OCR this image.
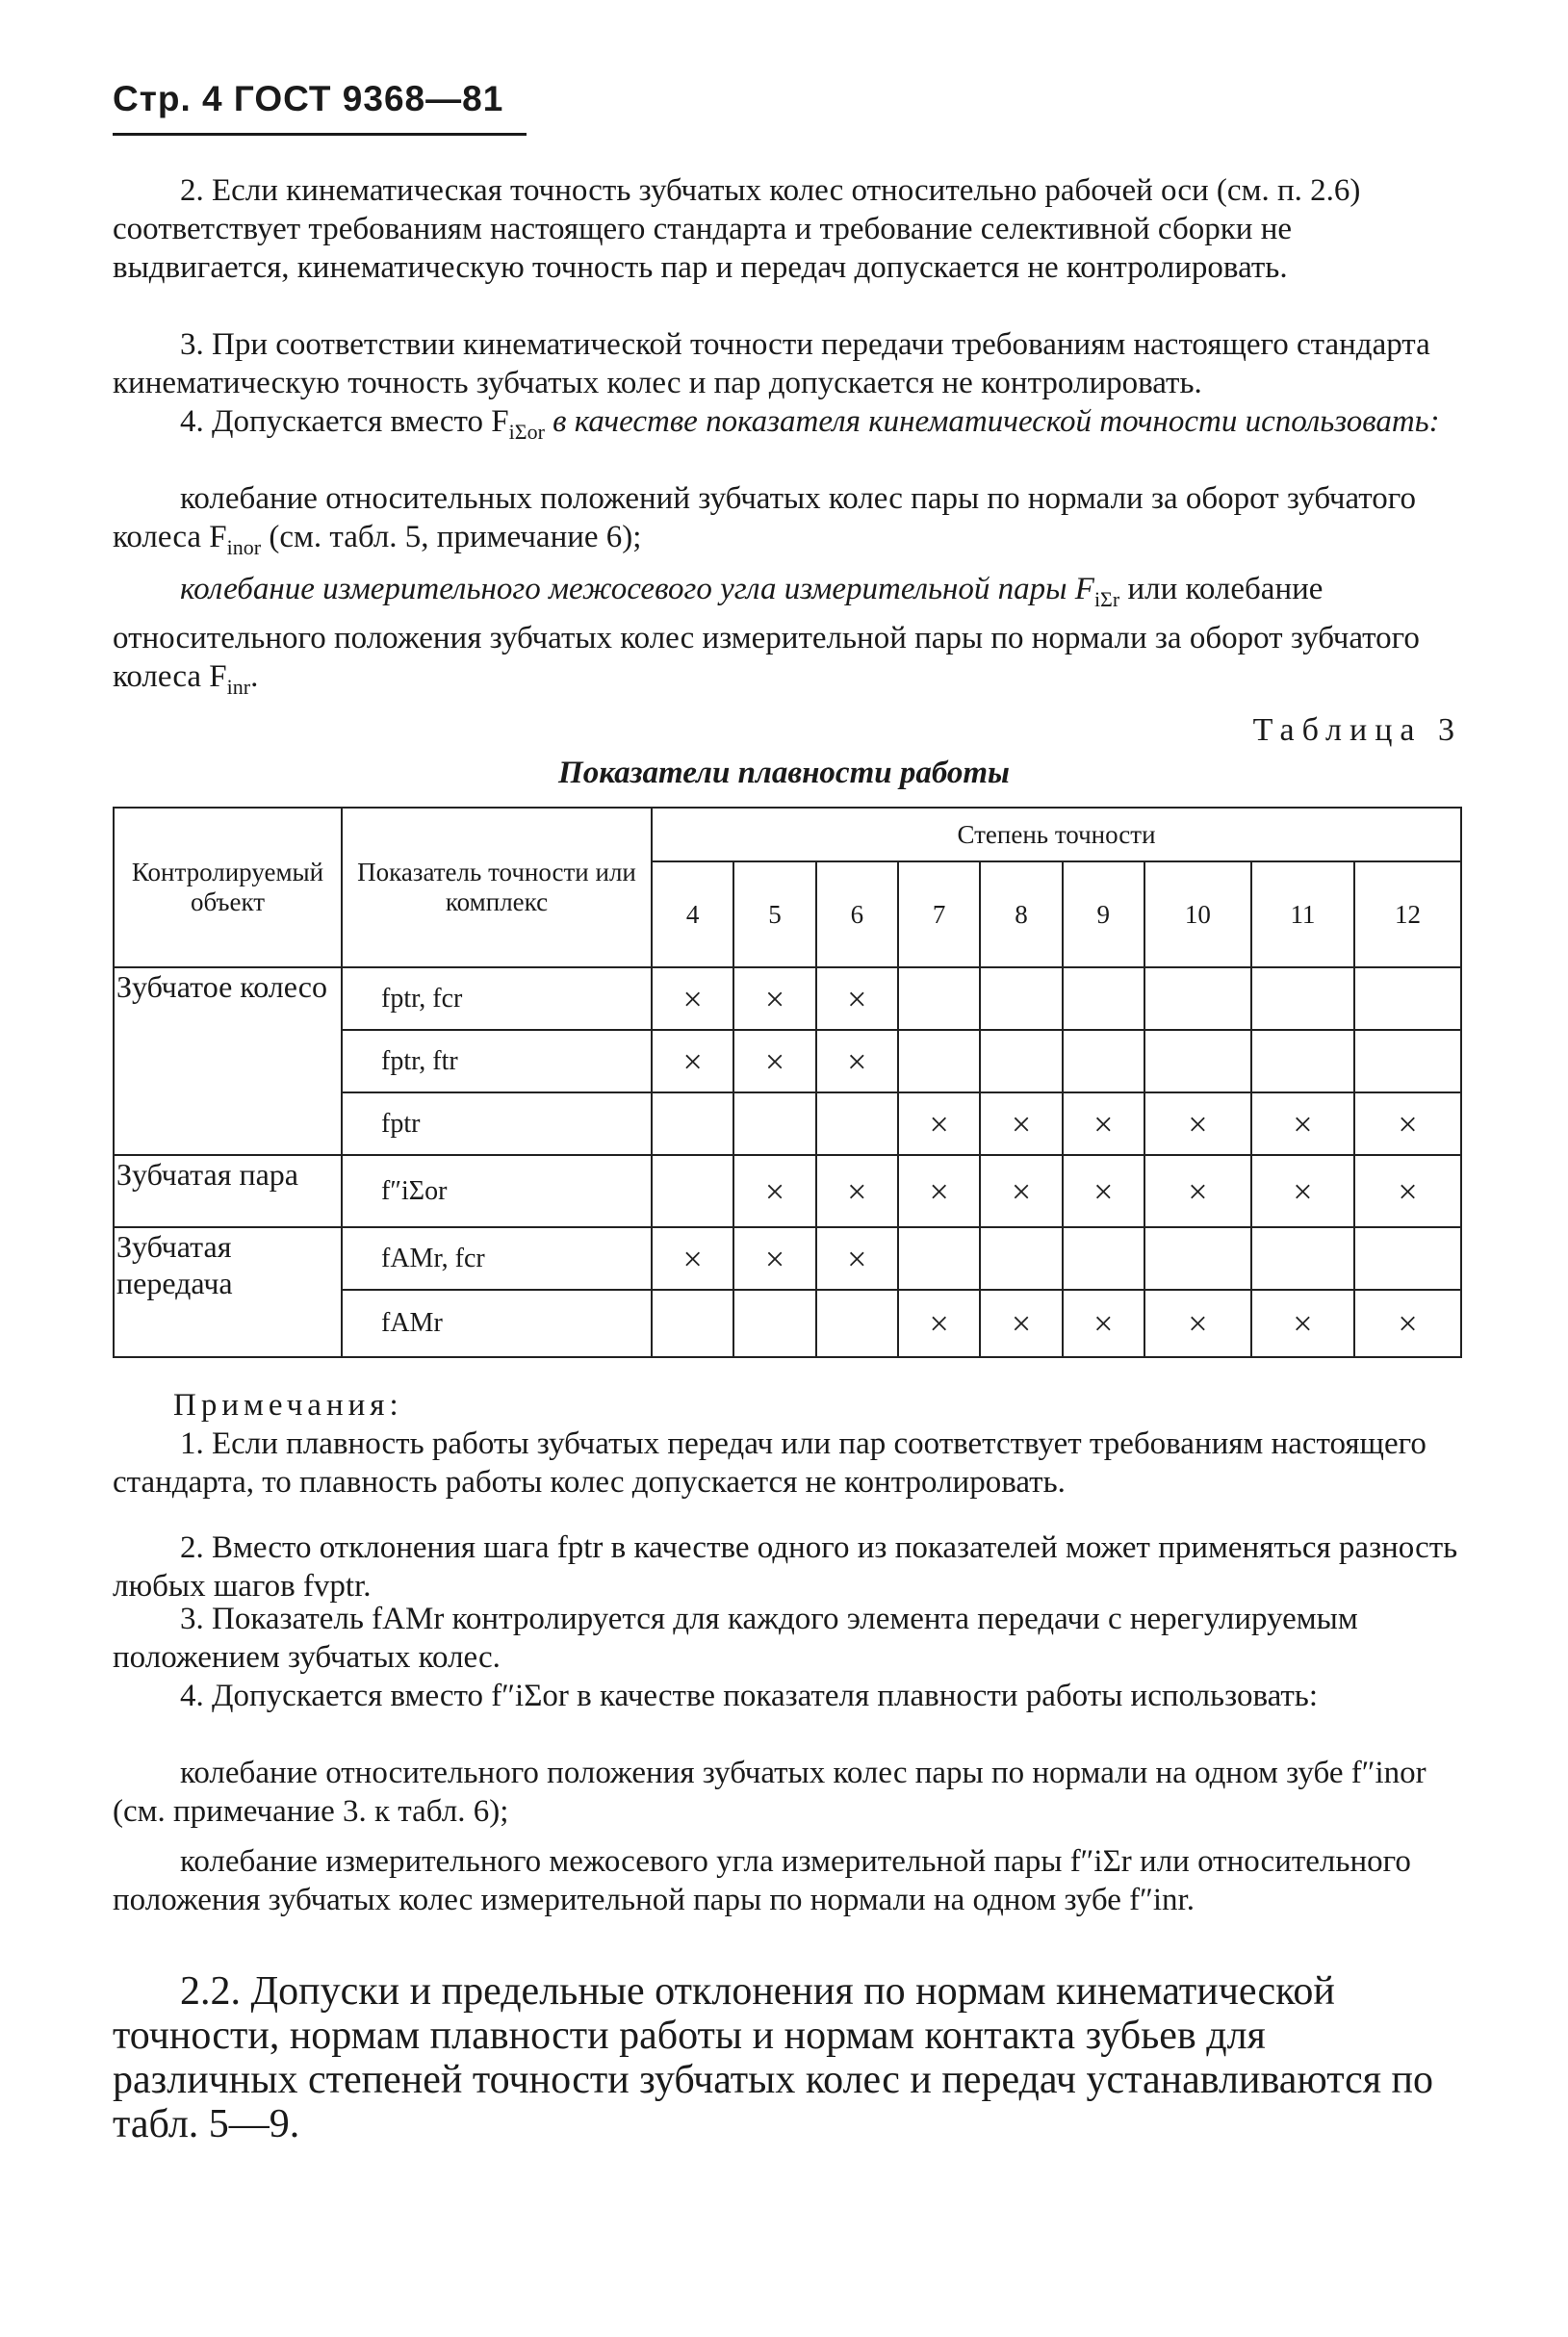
Стр. 4 ГОСТ 9368—81

2. Если кинематическая точность зубчатых колес относительно рабочей оси (см. п. 2.6) соответствует требованиям настоящего стандарта и требование селективной сборки не выдвигается, кинематическую точность пар и передач допускается не контролировать.

3. При соответствии кинематической точности передачи требованиям настоящего стандарта кинематическую точность зубчатых колес и пар допускается не контролировать.

4. Допускается вместо $F_{i\Sigma or}$ в качестве показателя кинематической точности использовать:

колебание относительных положений зубчатых колес пары по нормали за оборот зубчатого колеса $F_{inor}$ (см. табл. 5, примечание 6);

колебание измерительного межосевого угла измерительной пары $F_{i\Sigma r}$ или колебание относительного положения зубчатых колес измерительной пары по нормали за оборот зубчатого колеса $F_{inr}$.

Таблица 3
Показатели плавности работы
Контролируемый объект	Показатель точности или комплекс	Степень точности								
		4	5	6	7	8	9	10	11	12
Зубчатое колесо	fptr, fcr	×	×	×						
	fptr, ftr	×	×	×						
	fptr				×	×	×	×	×	×
Зубчатая пара	f″iΣor		×	×	×	×	×	×	×	×
Зубчатая передача	fAMr, fcr	×	×	×						
	fAMr				×	×	×	×	×	×

Примечания:

1. Если плавность работы зубчатых передач или пар соответствует требованиям настоящего стандарта, то плавность работы колес допускается не контролировать.

2. Вместо отклонения шага fptr в качестве одного из показателей может применяться разность любых шагов fvptr.

3. Показатель fAMr контролируется для каждого элемента передачи с нерегулируемым положением зубчатых колес.

4. Допускается вместо f″iΣor в качестве показателя плавности работы использовать:

колебание относительного положения зубчатых колес пары по нормали на одном зубе f″inor (см. примечание 3. к табл. 6);

колебание измерительного межосевого угла измерительной пары f″iΣr или относительного положения зубчатых колес измерительной пары по нормали на одном зубе f″inr.

2.2. Допуски и предельные отклонения по нормам кинематической точности, нормам плавности работы и нормам контакта зубьев для различных степеней точности зубчатых колес и передач устанавливаются по табл. 5—9.
